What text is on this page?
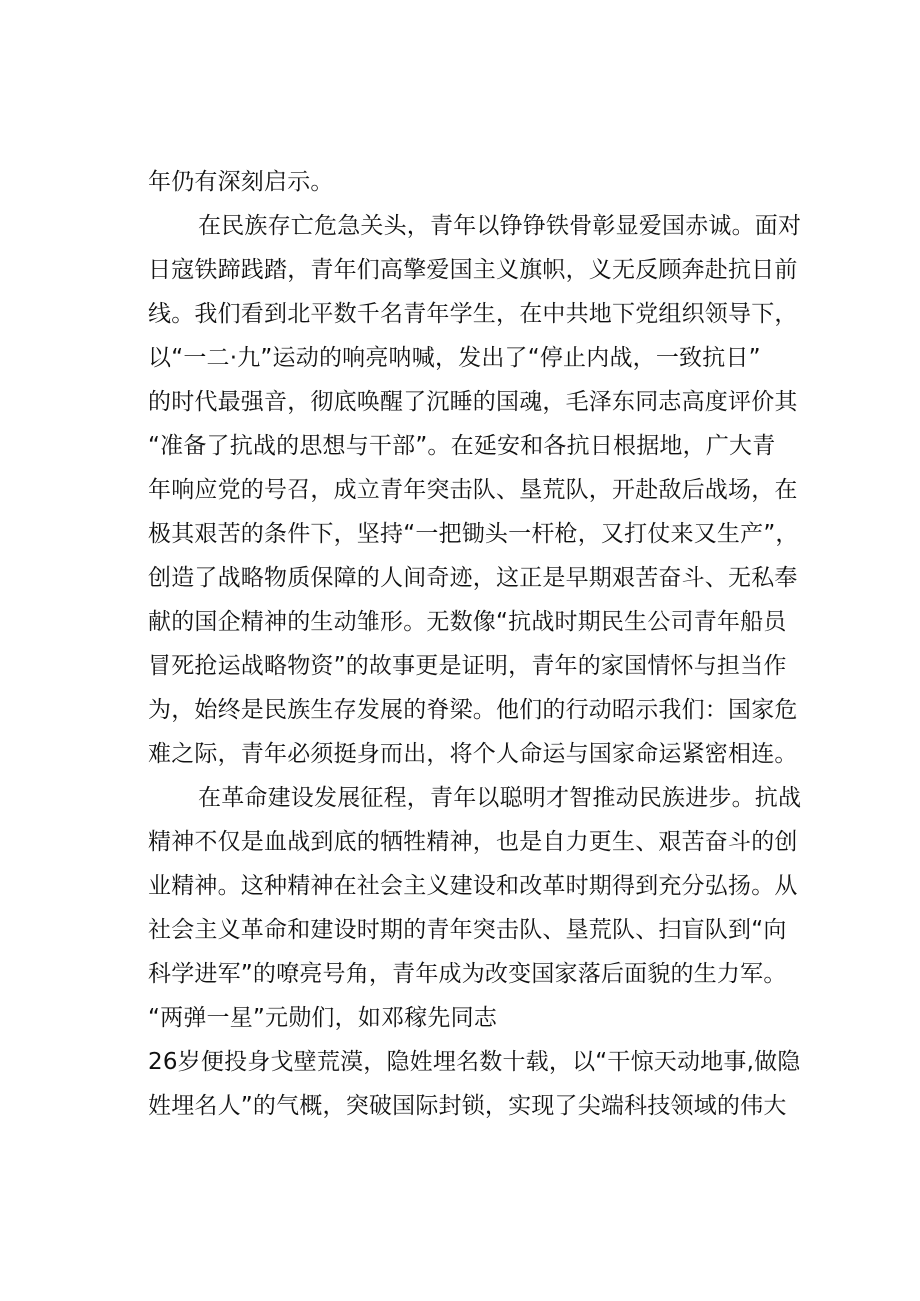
年仍有深刻启示。
在民族存亡危急关头，青年以铮铮铁骨彰显爱国赤诚。面对
日寇铁蹄践踏，青年们高擎爱国主义旗帜，义无反顾奔赴抗日前
线。我们看到北平数千名青年学生，在中共地下党组织领导下，
以“一二·九”运动的响亮呐喊，发出了“停止内战，一致抗日”
的时代最强音，彻底唤醒了沉睡的国魂，毛泽东同志高度评价其
“准备了抗战的思想与干部”。在延安和各抗日根据地，广大青
年响应党的号召，成立青年突击队、垦荒队，开赴敌后战场，在
极其艰苦的条件下，坚持“一把锄头一杆枪，又打仗来又生产”，
创造了战略物质保障的人间奇迹，这正是早期艰苦奋斗、无私奉
献的国企精神的生动雏形。无数像“抗战时期民生公司青年船员
冒死抢运战略物资”的故事更是证明，青年的家国情怀与担当作
为，始终是民族生存发展的脊梁。他们的行动昭示我们：国家危
难之际，青年必须挺身而出，将个人命运与国家命运紧密相连。
在革命建设发展征程，青年以聪明才智推动民族进步。抗战
精神不仅是血战到底的牺牲精神，也是自力更生、艰苦奋斗的创
业精神。这种精神在社会主义建设和改革时期得到充分弘扬。从
社会主义革命和建设时期的青年突击队、垦荒队、扫盲队到“向
科学进军”的嘹亮号角，青年成为改变国家落后面貌的生力军。
“两弹一星”元勋们，如邓稼先同志
26岁便投身戈壁荒漠，隐姓埋名数十载，以“干惊天动地事,做隐
姓埋名人”的气概，突破国际封锁，实现了尖端科技领域的伟大
